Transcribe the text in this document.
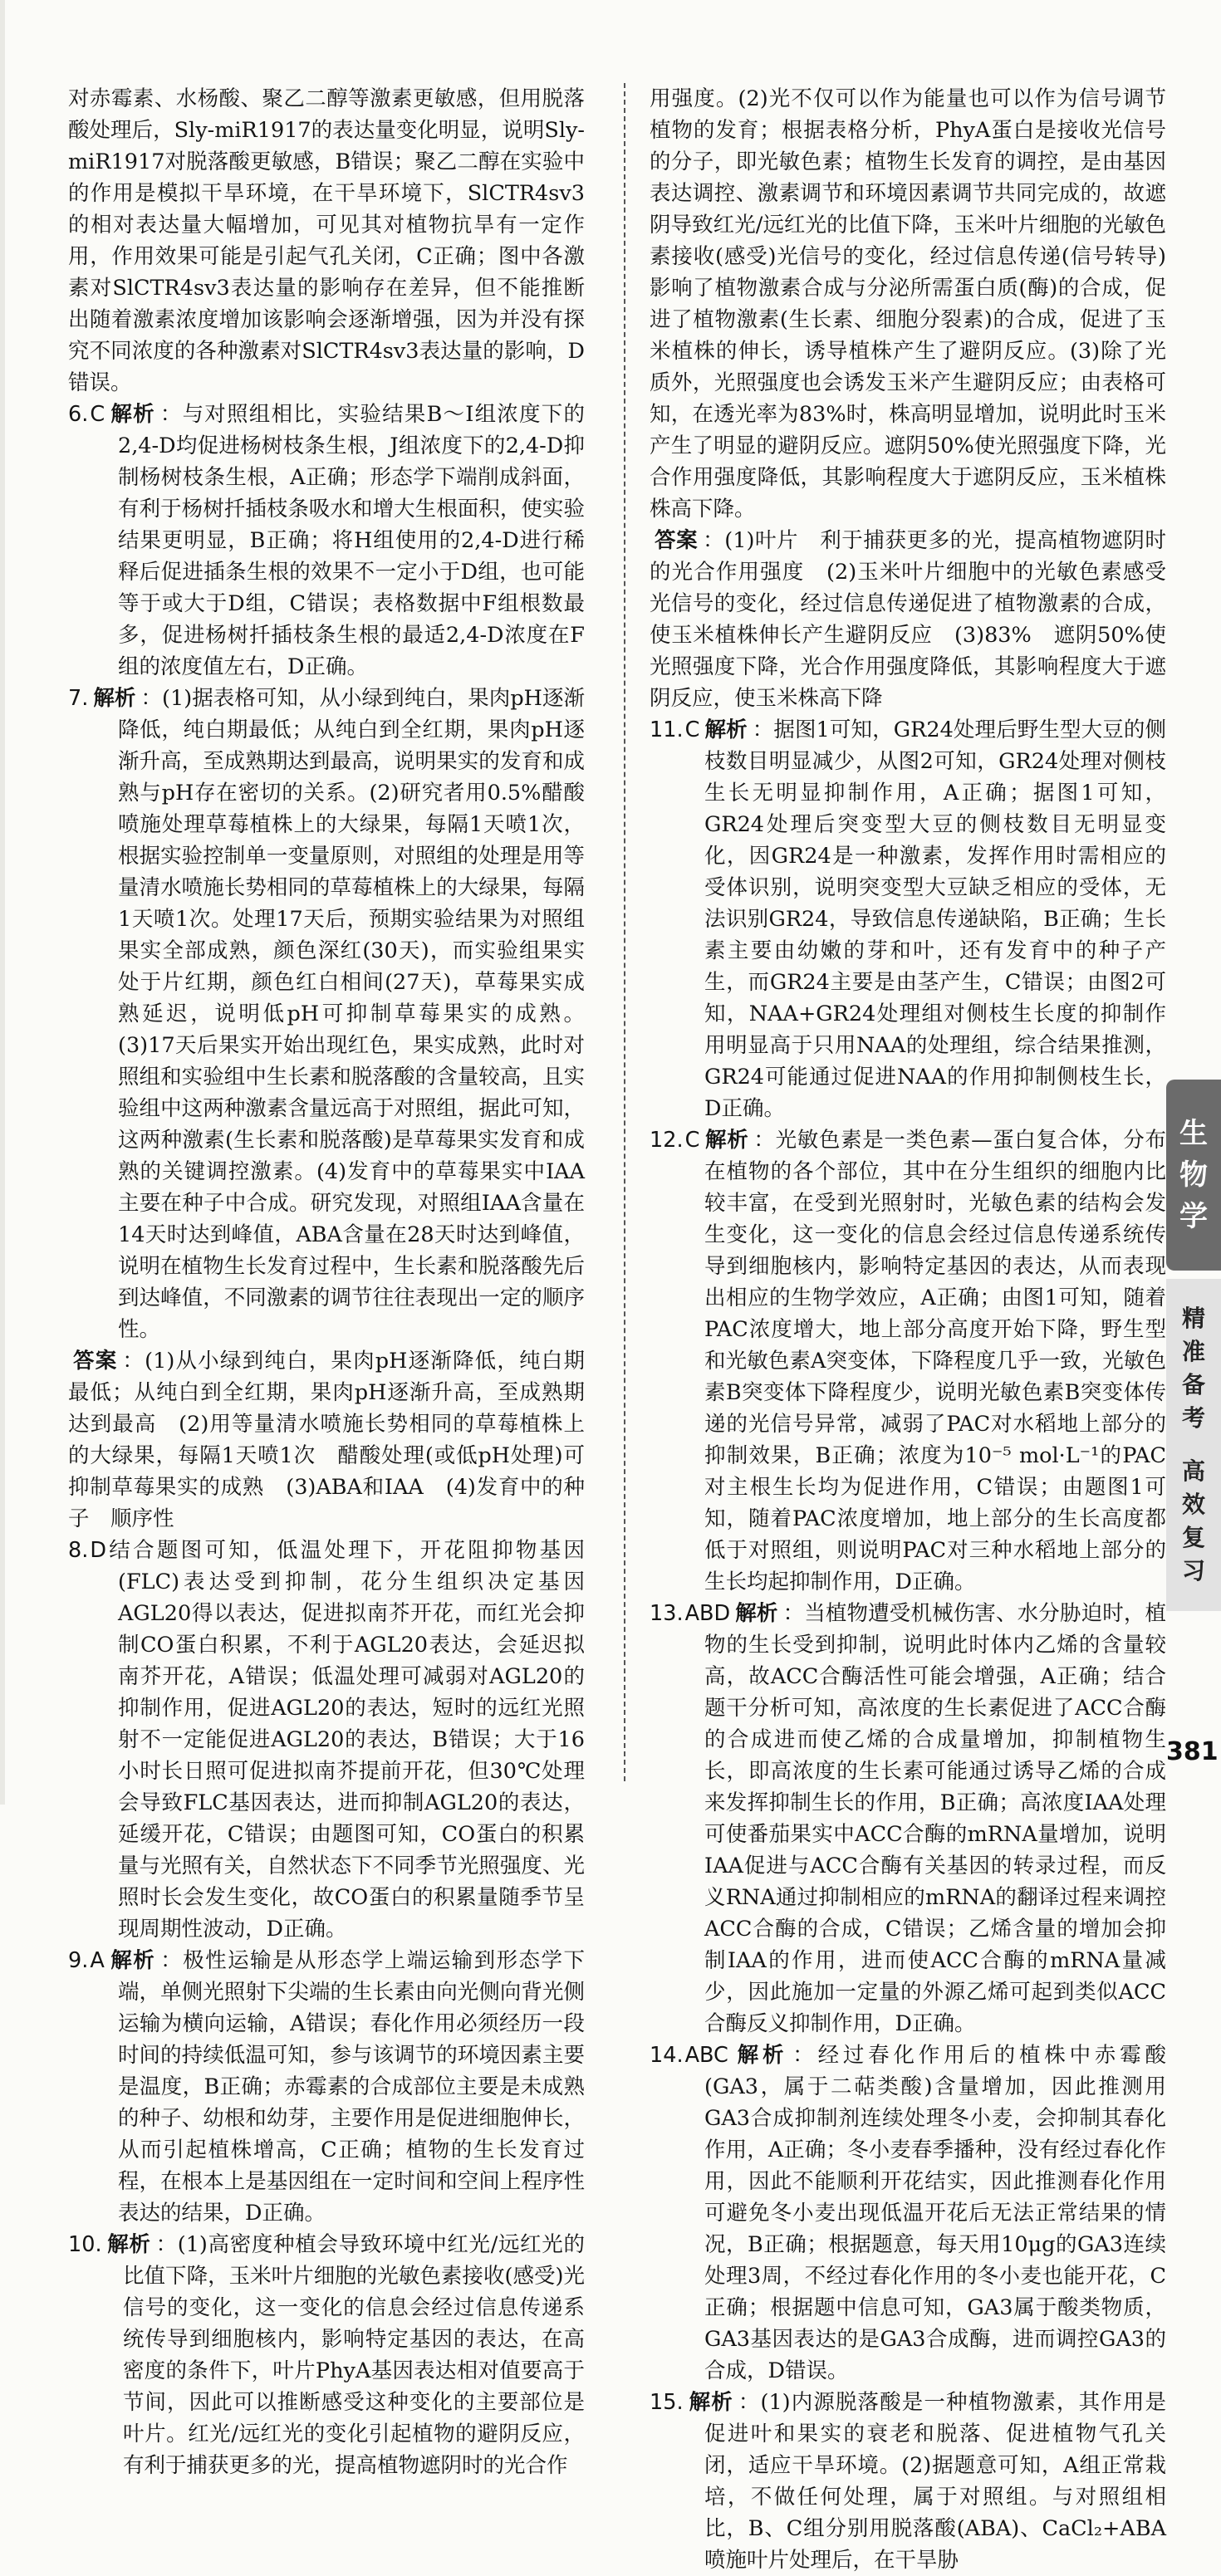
对赤霉素、水杨酸、聚乙二醇等激素更敏感，但用脱落酸处理后，Sly-miR1917的表达量变化明显，说明Sly-miR1917对脱落酸更敏感，B错误；聚乙二醇在实验中的作用是模拟干旱环境，在干旱环境下，SlCTR4sv3的相对表达量大幅增加，可见其对植物抗旱有一定作用，作用效果可能是引起气孔关闭，C正确；图中各激素对SlCTR4sv3表达量的影响存在差异，但不能推断出随着激素浓度增加该影响会逐渐增强，因为并没有探究不同浓度的各种激素对SlCTR4sv3表达量的影响，D错误。
6.C 解析 ：与对照组相比，实验结果B～I组浓度下的2,4-D均促进杨树枝条生根，J组浓度下的2,4-D抑制杨树枝条生根，A正确；形态学下端削成斜面，有利于杨树扦插枝条吸水和增大生根面积，使实验结果更明显，B正确；将H组使用的2,4-D进行稀释后促进插条生根的效果不一定小于D组，也可能等于或大于D组，C错误；表格数据中F组根数最多，促进杨树扦插枝条生根的最适2,4-D浓度在F组的浓度值左右，D正确。
7. 解析 ：(1)据表格可知，从小绿到纯白，果肉pH逐渐降低，纯白期最低；从纯白到全红期，果肉pH逐渐升高，至成熟期达到最高，说明果实的发育和成熟与pH存在密切的关系。(2)研究者用0.5%醋酸喷施处理草莓植株上的大绿果，每隔1天喷1次，根据实验控制单一变量原则，对照组的处理是用等量清水喷施长势相同的草莓植株上的大绿果，每隔1天喷1次。处理17天后，预期实验结果为对照组果实全部成熟，颜色深红(30天)，而实验组果实处于片红期，颜色红白相间(27天)，草莓果实成熟延迟，说明低pH可抑制草莓果实的成熟。(3)17天后果实开始出现红色，果实成熟，此时对照组和实验组中生长素和脱落酸的含量较高，且实验组中这两种激素含量远高于对照组，据此可知，这两种激素(生长素和脱落酸)是草莓果实发育和成熟的关键调控激素。(4)发育中的草莓果实中IAA主要在种子中合成。研究发现，对照组IAA含量在14天时达到峰值，ABA含量在28天时达到峰值，说明在植物生长发育过程中，生长素和脱落酸先后到达峰值，不同激素的调节往往表现出一定的顺序性。
答案 ：(1)从小绿到纯白，果肉pH逐渐降低，纯白期最低；从纯白到全红期，果肉pH逐渐升高，至成熟期达到最高　(2)用等量清水喷施长势相同的草莓植株上的大绿果，每隔1天喷1次　醋酸处理(或低pH处理)可抑制草莓果实的成熟　(3)ABA和IAA　(4)发育中的种子　顺序性
8.D结合题图可知，低温处理下，开花阻抑物基因(FLC)表达受到抑制，花分生组织决定基因AGL20得以表达，促进拟南芥开花，而红光会抑制CO蛋白积累，不利于AGL20表达，会延迟拟南芥开花，A错误；低温处理可减弱对AGL20的抑制作用，促进AGL20的表达，短时的远红光照射不一定能促进AGL20的表达，B错误；大于16小时长日照可促进拟南芥提前开花，但30℃处理会导致FLC基因表达，进而抑制AGL20的表达，延缓开花，C错误；由题图可知，CO蛋白的积累量与光照有关，自然状态下不同季节光照强度、光照时长会发生变化，故CO蛋白的积累量随季节呈现周期性波动，D正确。
9.A 解析 ：极性运输是从形态学上端运输到形态学下端，单侧光照射下尖端的生长素由向光侧向背光侧运输为横向运输，A错误；春化作用必须经历一段时间的持续低温可知，参与该调节的环境因素主要是温度，B正确；赤霉素的合成部位主要是未成熟的种子、幼根和幼芽，主要作用是促进细胞伸长，从而引起植株增高，C正确；植物的生长发育过程，在根本上是基因组在一定时间和空间上程序性表达的结果，D正确。
10. 解析 ：(1)高密度种植会导致环境中红光/远红光的比值下降，玉米叶片细胞的光敏色素接收(感受)光信号的变化，这一变化的信息会经过信息传递系统传导到细胞核内，影响特定基因的表达，在高密度的条件下，叶片PhyA基因表达相对值要高于节间，因此可以推断感受这种变化的主要部位是叶片。红光/远红光的变化引起植物的避阴反应，有利于捕获更多的光，提高植物遮阴时的光合作
用强度。(2)光不仅可以作为能量也可以作为信号调节植物的发育；根据表格分析，PhyA蛋白是接收光信号的分子，即光敏色素；植物生长发育的调控，是由基因表达调控、激素调节和环境因素调节共同完成的，故遮阴导致红光/远红光的比值下降，玉米叶片细胞的光敏色素接收(感受)光信号的变化，经过信息传递(信号转导)影响了植物激素合成与分泌所需蛋白质(酶)的合成，促进了植物激素(生长素、细胞分裂素)的合成，促进了玉米植株的伸长，诱导植株产生了避阴反应。(3)除了光质外，光照强度也会诱发玉米产生避阴反应；由表格可知，在透光率为83%时，株高明显增加，说明此时玉米产生了明显的避阴反应。遮阴50%使光照强度下降，光合作用强度降低，其影响程度大于遮阴反应，玉米植株株高下降。
答案 ：(1)叶片　利于捕获更多的光，提高植物遮阴时的光合作用强度　(2)玉米叶片细胞中的光敏色素感受光信号的变化，经过信息传递促进了植物激素的合成，使玉米植株伸长产生避阴反应　(3)83%　遮阴50%使光照强度下降，光合作用强度降低，其影响程度大于遮阴反应，使玉米株高下降
11.C 解析 ：据图1可知，GR24处理后野生型大豆的侧枝数目明显减少，从图2可知，GR24处理对侧枝生长无明显抑制作用，A正确；据图1可知，GR24处理后突变型大豆的侧枝数目无明显变化，因GR24是一种激素，发挥作用时需相应的受体识别，说明突变型大豆缺乏相应的受体，无法识别GR24，导致信息传递缺陷，B正确；生长素主要由幼嫩的芽和叶，还有发育中的种子产生，而GR24主要是由茎产生，C错误；由图2可知，NAA+GR24处理组对侧枝生长度的抑制作用明显高于只用NAA的处理组，综合结果推测，GR24可能通过促进NAA的作用抑制侧枝生长，D正确。
12.C 解析 ：光敏色素是一类色素—蛋白复合体，分布在植物的各个部位，其中在分生组织的细胞内比较丰富，在受到光照射时，光敏色素的结构会发生变化，这一变化的信息会经过信息传递系统传导到细胞核内，影响特定基因的表达，从而表现出相应的生物学效应，A正确；由图1可知，随着PAC浓度增大，地上部分高度开始下降，野生型和光敏色素A突变体，下降程度几乎一致，光敏色素B突变体下降程度少，说明光敏色素B突变体传递的光信号异常，减弱了PAC对水稻地上部分的抑制效果，B正确；浓度为10⁻⁵ mol·L⁻¹的PAC对主根生长均为促进作用，C错误；由题图1可知，随着PAC浓度增加，地上部分的生长高度都低于对照组，则说明PAC对三种水稻地上部分的生长均起抑制作用，D正确。
13.ABD 解析 ：当植物遭受机械伤害、水分胁迫时，植物的生长受到抑制，说明此时体内乙烯的含量较高，故ACC合酶活性可能会增强，A正确；结合题干分析可知，高浓度的生长素促进了ACC合酶的合成进而使乙烯的合成量增加，抑制植物生长，即高浓度的生长素可能通过诱导乙烯的合成来发挥抑制生长的作用，B正确；高浓度IAA处理可使番茄果实中ACC合酶的mRNA量增加，说明IAA促进与ACC合酶有关基因的转录过程，而反义RNA通过抑制相应的mRNA的翻译过程来调控ACC合酶的合成，C错误；乙烯含量的增加会抑制IAA的作用，进而使ACC合酶的mRNA量减少，因此施加一定量的外源乙烯可起到类似ACC合酶反义抑制作用，D正确。
14.ABC 解析 ：经过春化作用后的植株中赤霉酸(GA3，属于二萜类酸)含量增加，因此推测用GA3合成抑制剂连续处理冬小麦，会抑制其春化作用，A正确；冬小麦春季播种，没有经过春化作用，因此不能顺利开花结实，因此推测春化作用可避免冬小麦出现低温开花后无法正常结果的情况，B正确；根据题意，每天用10μg的GA3连续处理3周，不经过春化作用的冬小麦也能开花，C正确；根据题中信息可知，GA3属于酸类物质，GA3基因表达的是GA3合成酶，进而调控GA3的合成，D错误。
15. 解析 ：(1)内源脱落酸是一种植物激素，其作用是促进叶和果实的衰老和脱落、促进植物气孔关闭，适应干旱环境。(2)据题意可知，A组正常栽培，不做任何处理，属于对照组。与对照组相比，B、C组分别用脱落酸(ABA)、CaCl₂+ABA喷施叶片处理后，在干旱胁
生
物
学
精
准
备
考
高
效
复
习
381
